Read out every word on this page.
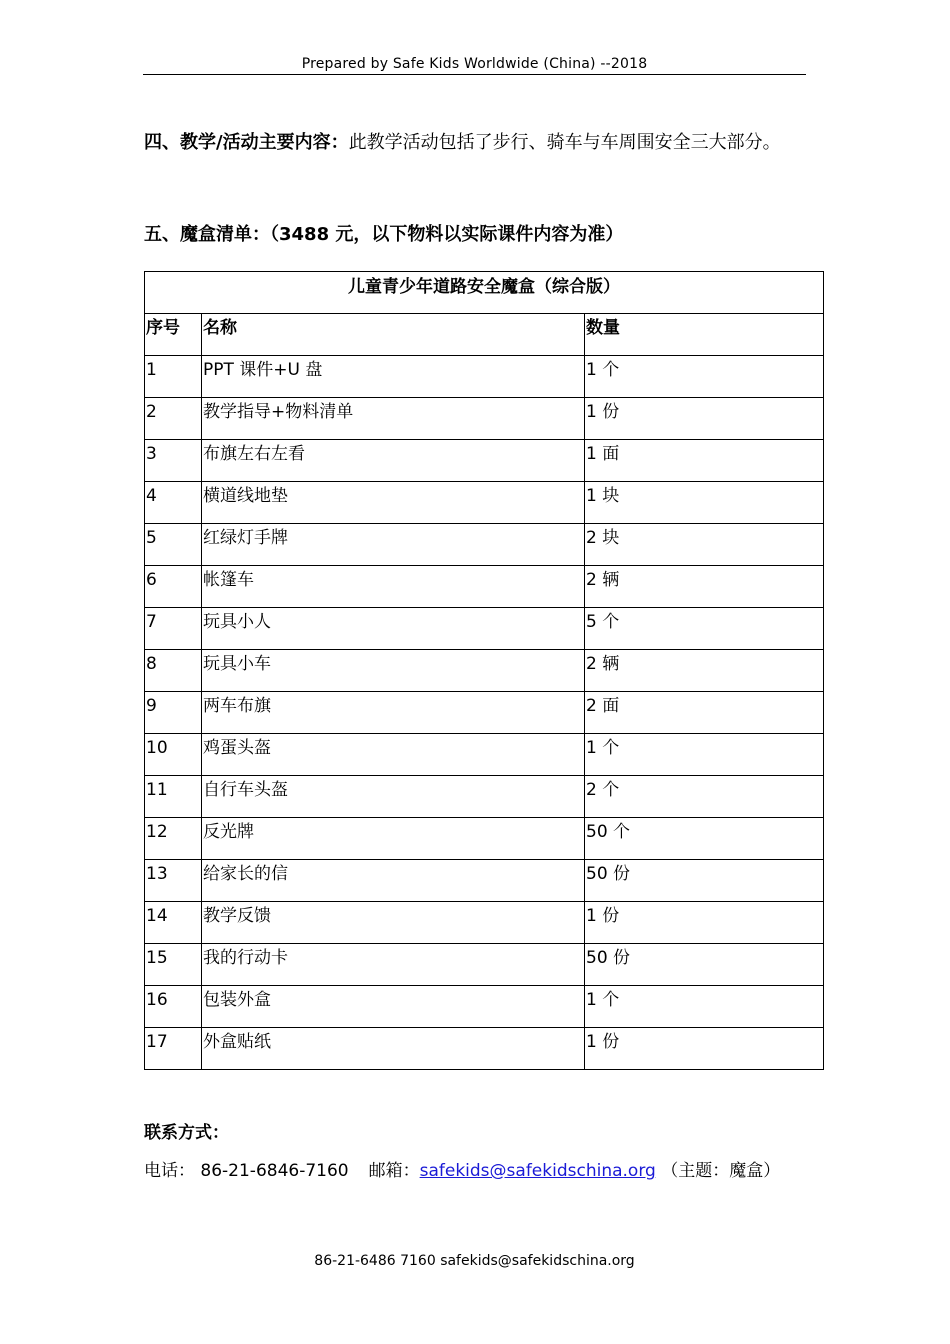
Prepared by Safe Kids Worldwide (China) --2018
四、教学/活动主要内容：此教学活动包括了步行、骑车与车周围安全三大部分。
五、魔盒清单：（3488 元，以下物料以实际课件内容为准）
儿童青少年道路安全魔盒（综合版）		
序号	名称	数量
1	PPT 课件+U 盘	1 个
2	教学指导+物料清单	1 份
3	布旗左右左看	1 面
4	横道线地垫	1 块
5	红绿灯手牌	2 块
6	帐篷车	2 辆
7	玩具小人	5 个
8	玩具小车	2 辆
9	两车布旗	2 面
10	鸡蛋头盔	1 个
11	自行车头盔	2 个
12	反光牌	50 个
13	给家长的信	50 份
14	教学反馈	1 份
15	我的行动卡	50 份
16	包装外盒	1 个
17	外盒贴纸	1 份
联系方式：
电话： 86-21-6846-7160 邮箱：safekids@safekidschina.org （主题：魔盒）
86-21-6486 7160 safekids@safekidschina.org
